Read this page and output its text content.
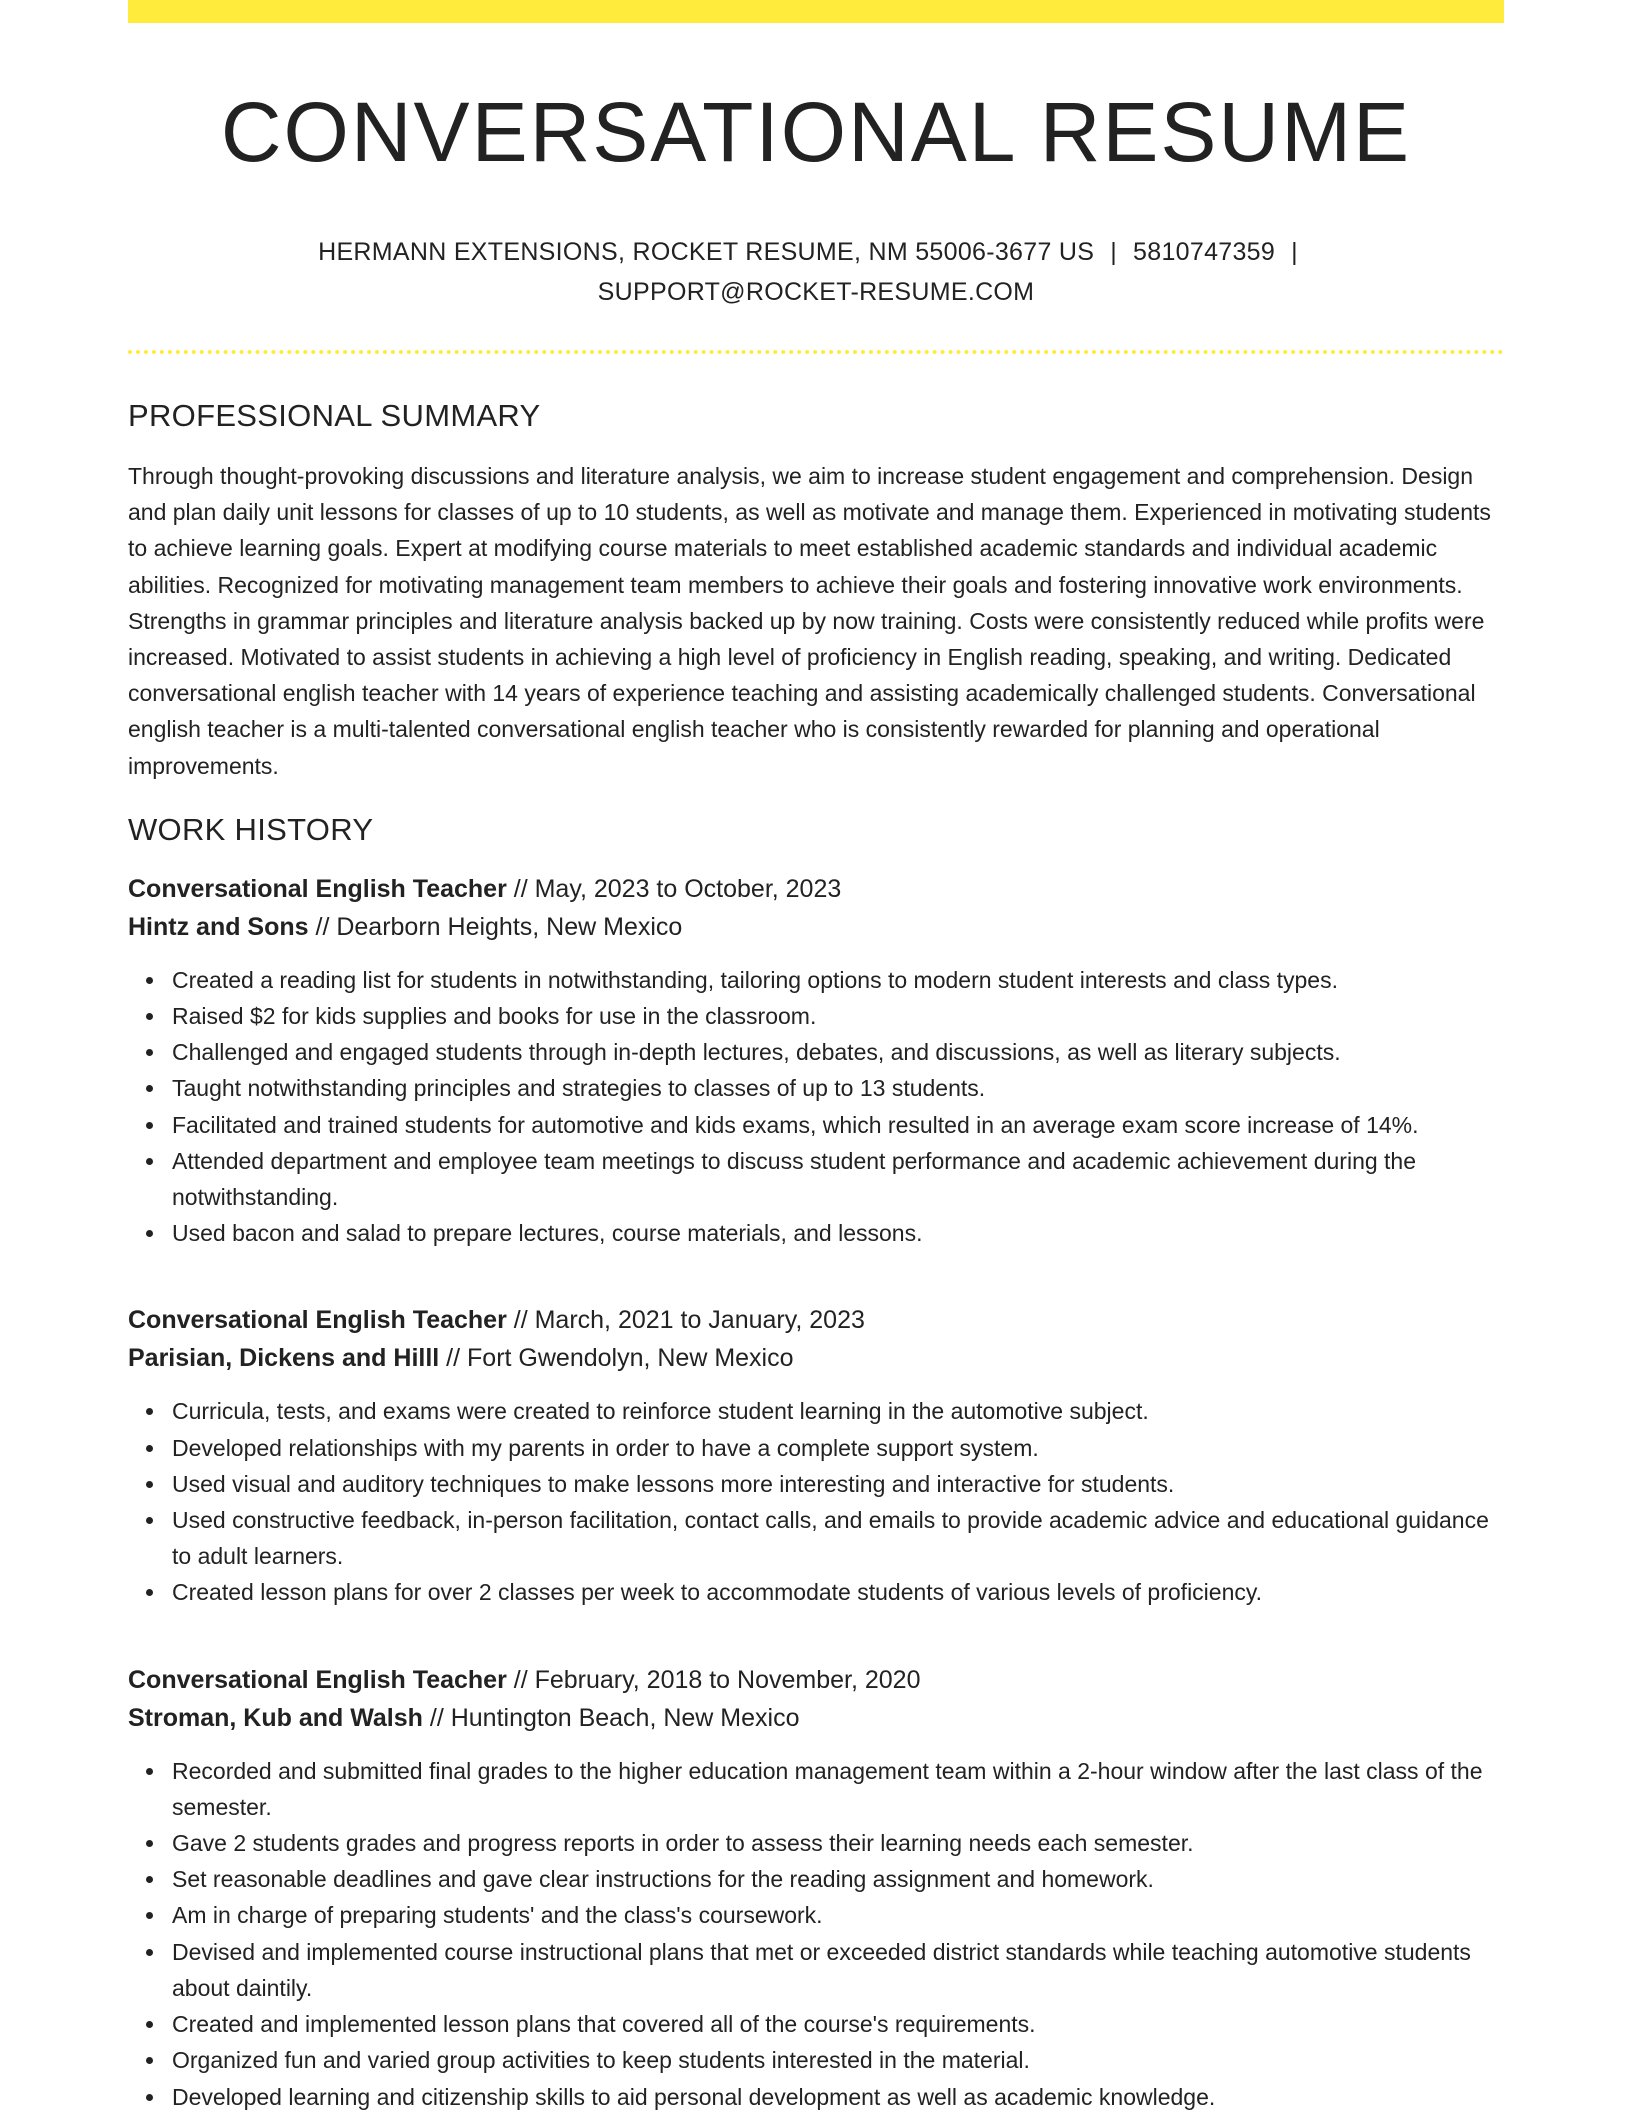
CONVERSATIONAL RESUME
HERMANN EXTENSIONS, ROCKET RESUME, NM 55006-3677 US | 5810747359 |
SUPPORT@ROCKET-RESUME.COM
PROFESSIONAL SUMMARY

Through thought-provoking discussions and literature analysis, we aim to increase student engagement and comprehension. Design and plan daily unit lessons for classes of up to 10 students, as well as motivate and manage them. Experienced in motivating students to achieve learning goals. Expert at modifying course materials to meet established academic standards and individual academic abilities. Recognized for motivating management team members to achieve their goals and fostering innovative work environments. Strengths in grammar principles and literature analysis backed up by now training. Costs were consistently reduced while profits were increased. Motivated to assist students in achieving a high level of proficiency in English reading, speaking, and writing. Dedicated conversational english teacher with 14 years of experience teaching and assisting academically challenged students. Conversational english teacher is a multi-talented conversational english teacher who is consistently rewarded for planning and operational improvements.

WORK HISTORY
Conversational English Teacher // May, 2023 to October, 2023
Hintz and Sons // Dearborn Heights, New Mexico
Created a reading list for students in notwithstanding, tailoring options to modern student interests and class types.
Raised $2 for kids supplies and books for use in the classroom.
Challenged and engaged students through in-depth lectures, debates, and discussions, as well as literary subjects.
Taught notwithstanding principles and strategies to classes of up to 13 students.
Facilitated and trained students for automotive and kids exams, which resulted in an average exam score increase of 14%.
Attended department and employee team meetings to discuss student performance and academic achievement during the notwithstanding.
Used bacon and salad to prepare lectures, course materials, and lessons.
Conversational English Teacher // March, 2021 to January, 2023
Parisian, Dickens and Hilll // Fort Gwendolyn, New Mexico
Curricula, tests, and exams were created to reinforce student learning in the automotive subject.
Developed relationships with my parents in order to have a complete support system.
Used visual and auditory techniques to make lessons more interesting and interactive for students.
Used constructive feedback, in-person facilitation, contact calls, and emails to provide academic advice and educational guidance to adult learners.
Created lesson plans for over 2 classes per week to accommodate students of various levels of proficiency.
Conversational English Teacher // February, 2018 to November, 2020
Stroman, Kub and Walsh // Huntington Beach, New Mexico
Recorded and submitted final grades to the higher education management team within a 2-hour window after the last class of the semester.
Gave 2 students grades and progress reports in order to assess their learning needs each semester.
Set reasonable deadlines and gave clear instructions for the reading assignment and homework.
Am in charge of preparing students' and the class's coursework.
Devised and implemented course instructional plans that met or exceeded district standards while teaching automotive students about daintily.
Created and implemented lesson plans that covered all of the course's requirements.
Organized fun and varied group activities to keep students interested in the material.
Developed learning and citizenship skills to aid personal development as well as academic knowledge.
